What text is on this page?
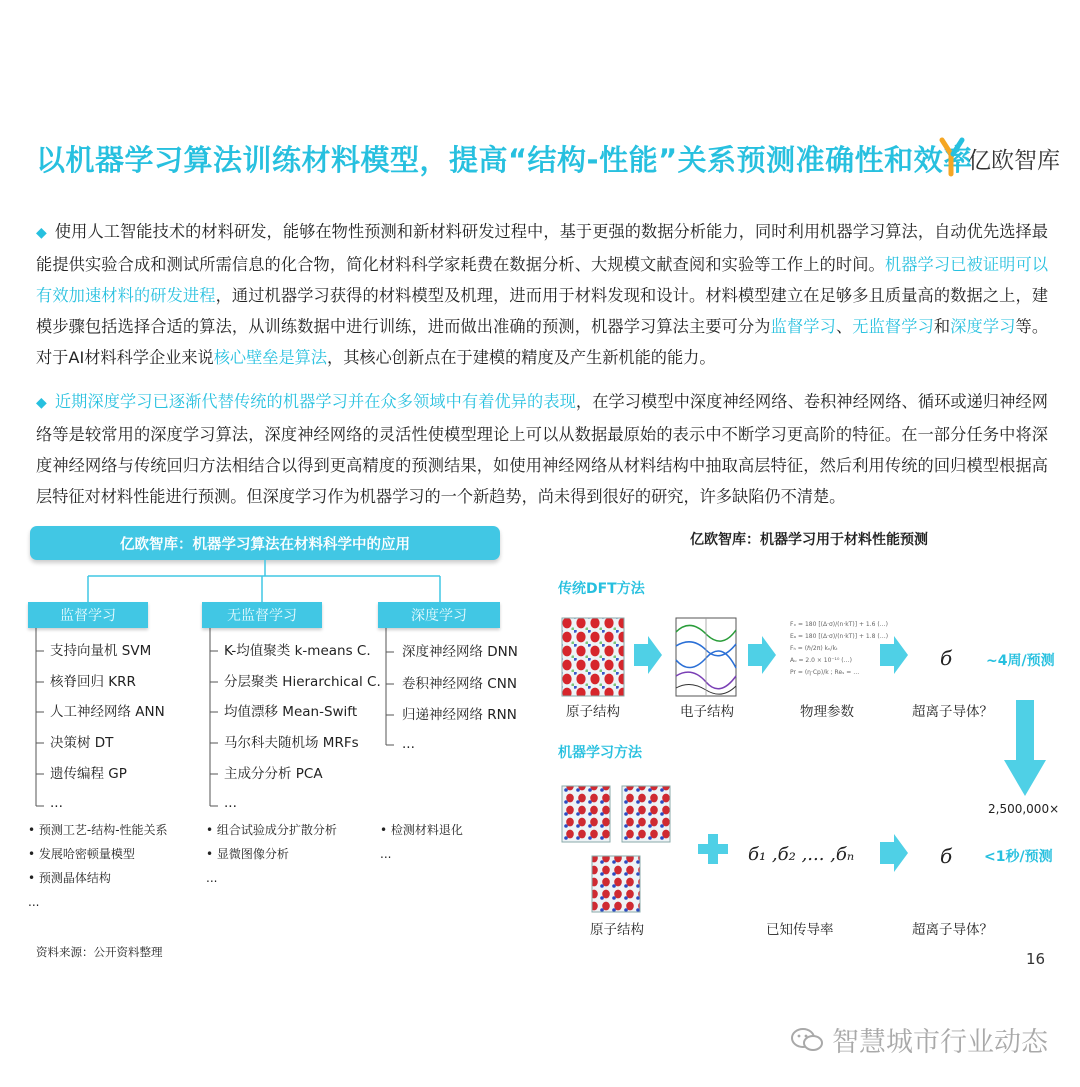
以机器学习算法训练材料模型，提高“结构-性能”关系预测准确性和效率
亿欧智库
◆ 使用人工智能技术的材料研发，能够在物性预测和新材料研发过程中，基于更强的数据分析能力，同时利用机器学习算法，自动优先选择最能提供实验合成和测试所需信息的化合物，简化材料科学家耗费在数据分析、大规模文献查阅和实验等工作上的时间。机器学习已被证明可以有效加速材料的研发进程，通过机器学习获得的材料模型及机理，进而用于材料发现和设计。材料模型建立在足够多且质量高的数据之上，建模步骤包括选择合适的算法，从训练数据中进行训练，进而做出准确的预测，机器学习算法主要可分为监督学习、无监督学习和深度学习等。对于AI材料科学企业来说核心壁垒是算法，其核心创新点在于建模的精度及产生新机能的能力。
◆ 近期深度学习已逐渐代替传统的机器学习并在众多领域中有着优异的表现，在学习模型中深度神经网络、卷积神经网络、循环或递归神经网络等是较常用的深度学习算法，深度神经网络的灵活性使模型理论上可以从数据最原始的表示中不断学习更高阶的特征。在一部分任务中将深度神经网络与传统回归方法相结合以得到更高精度的预测结果，如使用神经网络从材料结构中抽取高层特征，然后利用传统的回归模型根据高层特征对材料性能进行预测。但深度学习作为机器学习的一个新趋势，尚未得到很好的研究，许多缺陷仍不清楚。
亿欧智库：机器学习算法在材料科学中的应用
监督学习	无监督学习	深度学习
支持向量机 SVM
核脊回归 KRR
人工神经网络 ANN
决策树 DT
遗传编程 GP
...
K-均值聚类 k-means C.
分层聚类 Hierarchical C.
均值漂移 Mean-Swift
马尔科夫随机场 MRFs
主成分分析 PCA
...
深度神经网络 DNN
卷积神经网络 CNN
归递神经网络 RNN
...
• 预测工艺-结构-性能关系
• 发展哈密顿量模型
• 预测晶体结构
...
• 组合试验成分扩散分析
• 显微图像分析
...
• 检测材料退化
...
亿欧智库：机器学习用于材料性能预测
传统DFT方法
机器学习方法
Fₓ = 180 [(Δ·σ)/(n·kT)] + 1.6 (…)
Eₐ = 180 [(Δ·σ)/(n·kT)] + 1.8 (…)
Fₕ = (ℏ/2π) kₙ/kₜ
Aᵤ = 2.0 × 10⁻¹⁰ (…)
Pr = (η·Cp)/k ; Reₛ = …
原子结构	电子结构	物理参数	超离子导体？
б ~4周/预测
2,500,000×
б₁ ,б₂ ,... ,бₙ	б <1秒/预测
原子结构	已知传导率	超离子导体？
资料来源：公开资料整理	16
智慧城市行业动态
